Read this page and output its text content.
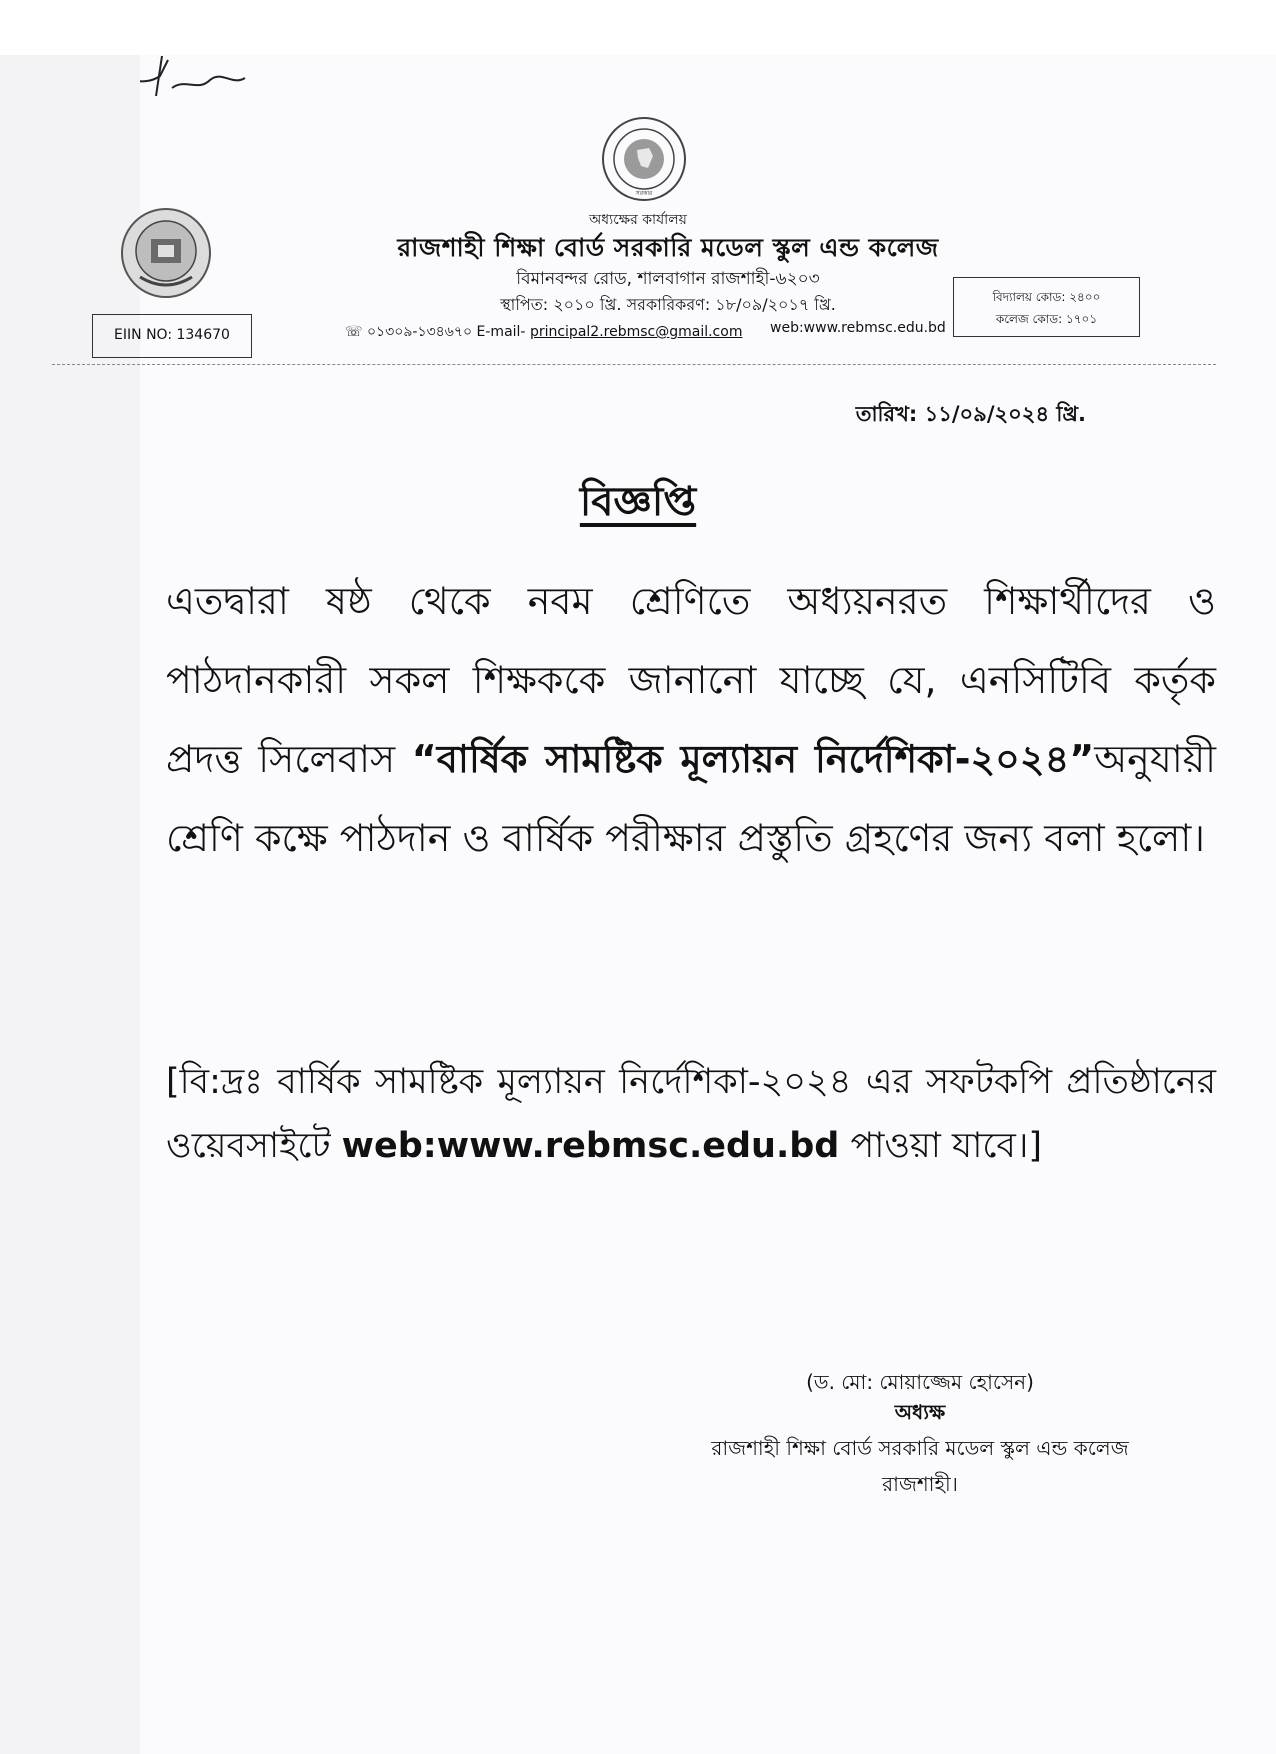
সরকার
অধ্যক্ষের কার্যালয়
রাজশাহী শিক্ষা বোর্ড সরকারি মডেল স্কুল এন্ড কলেজ
বিমানবন্দর রোড, শালবাগান রাজশাহী-৬২০৩
স্থাপিত: ২০১০ খ্রি. সরকারিকরণ: ১৮/০৯/২০১৭ খ্রি.
EIIN NO: 134670
বিদ্যালয় কোড: ২৪০০
কলেজ কোড: ১৭০১
☏ ০১৩০৯-১৩৪৬৭০ E-mail- principal2.rebmsc@gmail.com web:www.rebmsc.edu.bd
তারিখ: ১১/০৯/২০২৪ খ্রি.
বিজ্ঞপ্তি
এতদ্বারা ষষ্ঠ থেকে নবম শ্রেণিতে অধ্যয়নরত শিক্ষার্থীদের ও পাঠদানকারী সকল শিক্ষককে জানানো যাচ্ছে যে, এনসিটিবি কর্তৃক প্রদত্ত সিলেবাস “বার্ষিক সামষ্টিক মূল্যায়ন নির্দেশিকা-২০২৪”অনুযায়ী শ্রেণি কক্ষে পাঠদান ও বার্ষিক পরীক্ষার প্রস্তুতি গ্রহণের জন্য বলা হলো।
[বি:দ্রঃ বার্ষিক সামষ্টিক মূল্যায়ন নির্দেশিকা-২০২৪ এর সফটকপি প্রতিষ্ঠানের ওয়েবসাইটে web:www.rebmsc.edu.bd পাওয়া যাবে।]
(ড. মো: মোয়াজ্জেম হোসেন)
অধ্যক্ষ
রাজশাহী শিক্ষা বোর্ড সরকারি মডেল স্কুল এন্ড কলেজ
রাজশাহী।
